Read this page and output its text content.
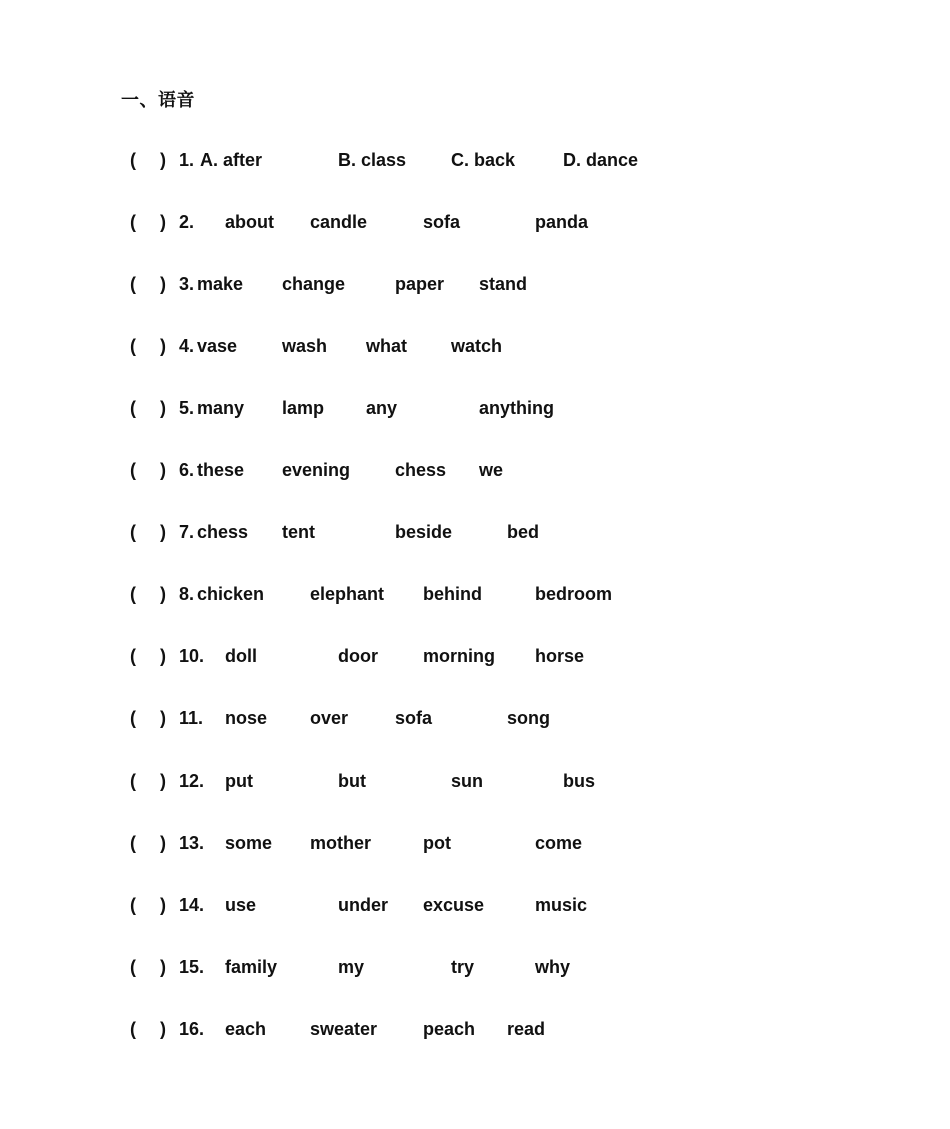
一、语音
( ) 1. A. after	B. class C. back	D. dance
( ) 2. about candle	sofa	panda
( ) 3. make change	paper stand
( ) 4. vase wash what watch
( ) 5. many lamp any	anything
( ) 6. these evening chess we
( ) 7. chess tent	beside	bed
( ) 8. chicken	elephant behind	bedroom
( ) 10. doll	door	morning horse
( ) 11. nose over	sofa	song
( ) 12. put	but	sun	bus
( ) 13. some mother	pot	come
( ) 14. use	under excuse	music
( ) 15. family	my	try	why
( ) 16. each sweater	peach read
